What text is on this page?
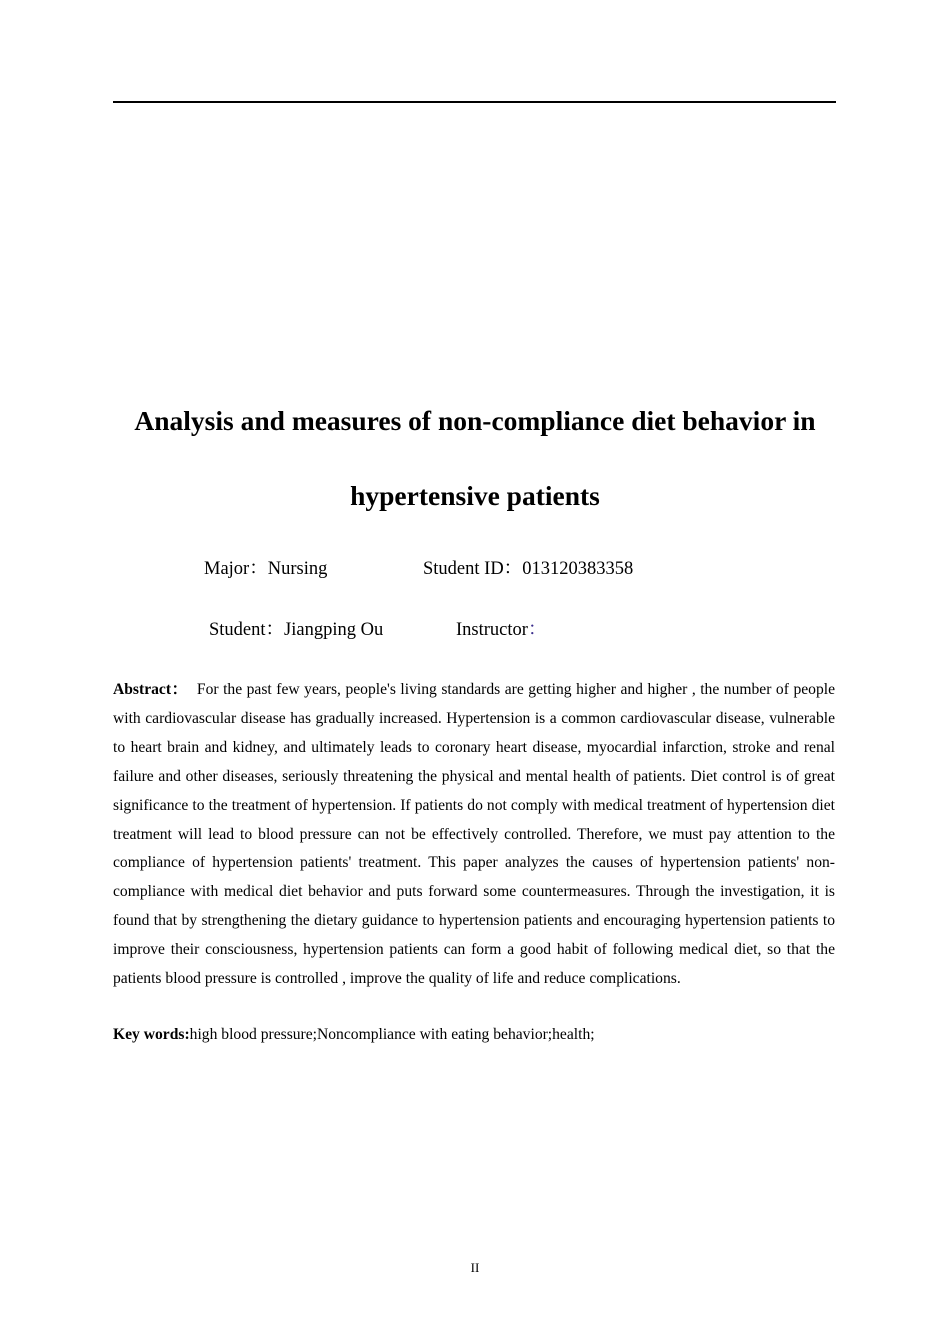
Analysis and measures of non-compliance diet behavior in hypertensive patients
Major：Nursing	Student ID：013120383358
Student：Jiangping Ou	Instructor：

Abstract： For the past few years, people's living standards are getting higher and higher , the number of people with cardiovascular disease has gradually increased. Hypertension is a common cardiovascular disease, vulnerable to heart brain and kidney, and ultimately leads to coronary heart disease, myocardial infarction, stroke and renal failure and other diseases, seriously threatening the physical and mental health of patients. Diet control is of great significance to the treatment of hypertension. If patients do not comply with medical treatment of hypertension diet treatment will lead to blood pressure can not be effectively controlled. Therefore, we must pay attention to the compliance of hypertension patients' treatment. This paper analyzes the causes of hypertension patients' non-compliance with medical diet behavior and puts forward some countermeasures. Through the investigation, it is found that by strengthening the dietary guidance to hypertension patients and encouraging hypertension patients to improve their consciousness, hypertension patients can form a good habit of following medical diet, so that the patients blood pressure is controlled , improve the quality of life and reduce complications.

Key words:high blood pressure;Noncompliance with eating behavior;health;

II
